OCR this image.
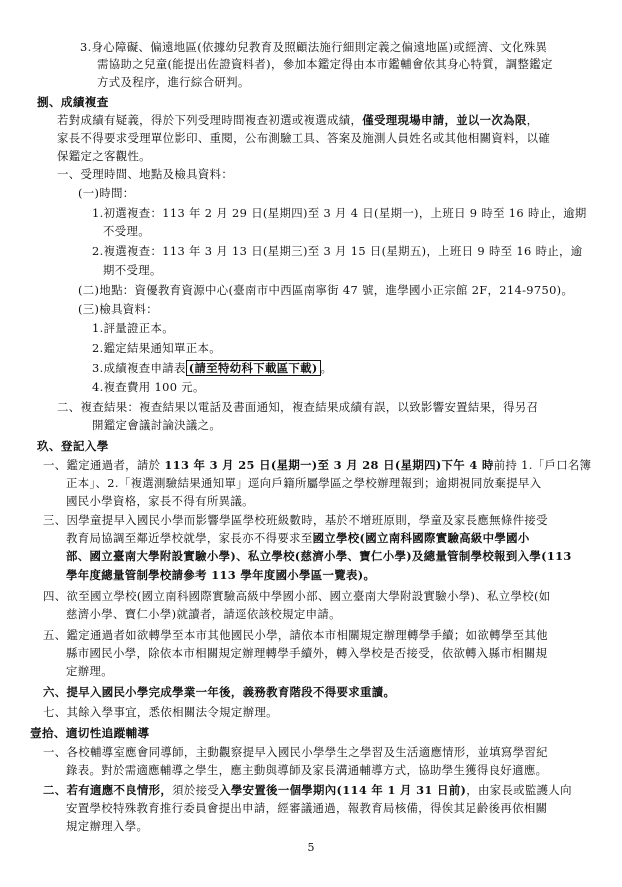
3.身心障礙、偏遠地區(依據幼兒教育及照顧法施行細則定義之偏遠地區)或經濟、文化殊異
需協助之兒童(能提出佐證資料者)，參加本鑑定得由本市鑑輔會依其身心特質，調整鑑定
方式及程序，進行綜合研判。
捌、成績複查
若對成績有疑義，得於下列受理時間複查初選或複選成績，僅受理現場申請，並以一次為限，
家長不得要求受理單位影印、重閱，公布測驗工具、答案及施測人員姓名或其他相關資料，以確
保鑑定之客觀性。
一、受理時間、地點及檢具資料：
(一)時間：
1.初選複查：113 年 2 月 29 日(星期四)至 3 月 4 日(星期一)，上班日 9 時至 16 時止，逾期
不受理。
2.複選複查：113 年 3 月 13 日(星期三)至 3 月 15 日(星期五)，上班日 9 時至 16 時止，逾
期不受理。
(二)地點：資優教育資源中心(臺南市中西區南寧街 47 號，進學國小正宗館 2F，214-9750)。
(三)檢具資料：
1.評量證正本。
2.鑑定結果通知單正本。
3.成績複查申請表 (請至特幼科下載區下載) 。
4.複查費用 100 元。
二、複查結果：複查結果以電話及書面通知，複查結果成績有誤，以致影響安置結果，得另召
開鑑定會議討論決議之。
玖、登記入學
一、鑑定通過者，請於 113 年 3 月 25 日(星期一)至 3 月 28 日(星期四)下午 4 時前持 1.「戶口名簿
正本」、2.「複選測驗結果通知單」逕向戶籍所屬學區之學校辦理報到；逾期視同放棄提早入
國民小學資格，家長不得有所異議。
三、因學童提早入國民小學而影響學區學校班級數時，基於不增班原則，學童及家長應無條件接受
教育局協調至鄰近學校就學，家長亦不得要求至國立學校(國立南科國際實驗高級中學國小
部、國立臺南大學附設實驗小學)、私立學校(慈濟小學、寶仁小學)及總量管制學校報到入學(113
學年度總量管制學校請參考 113 學年度國小學區一覽表)。
四、欲至國立學校(國立南科國際實驗高級中學國小部、國立臺南大學附設實驗小學)、私立學校(如
慈濟小學、寶仁小學)就讀者，請逕依該校規定申請。
五、鑑定通過者如欲轉學至本市其他國民小學，請依本市相關規定辦理轉學手續；如欲轉學至其他
縣市國民小學，除依本市相關規定辦理轉學手續外，轉入學校是否接受，依欲轉入縣市相關規
定辦理。
六、提早入國民小學完成學業一年後，義務教育階段不得要求重讀。
七、其餘入學事宜，悉依相關法令規定辦理。
壹拾、適切性追蹤輔導
一、各校輔導室應會同導師，主動觀察提早入國民小學學生之學習及生活適應情形，並填寫學習紀
錄表。對於需適應輔導之學生，應主動與導師及家長溝通輔導方式，協助學生獲得良好適應。
二、若有適應不良情形，須於接受入學安置後一個學期內(114 年 1 月 31 日前)，由家長或監護人向
安置學校特殊教育推行委員會提出申請，經審議通過，報教育局核備，得俟其足齡後再依相關
規定辦理入學。
5
